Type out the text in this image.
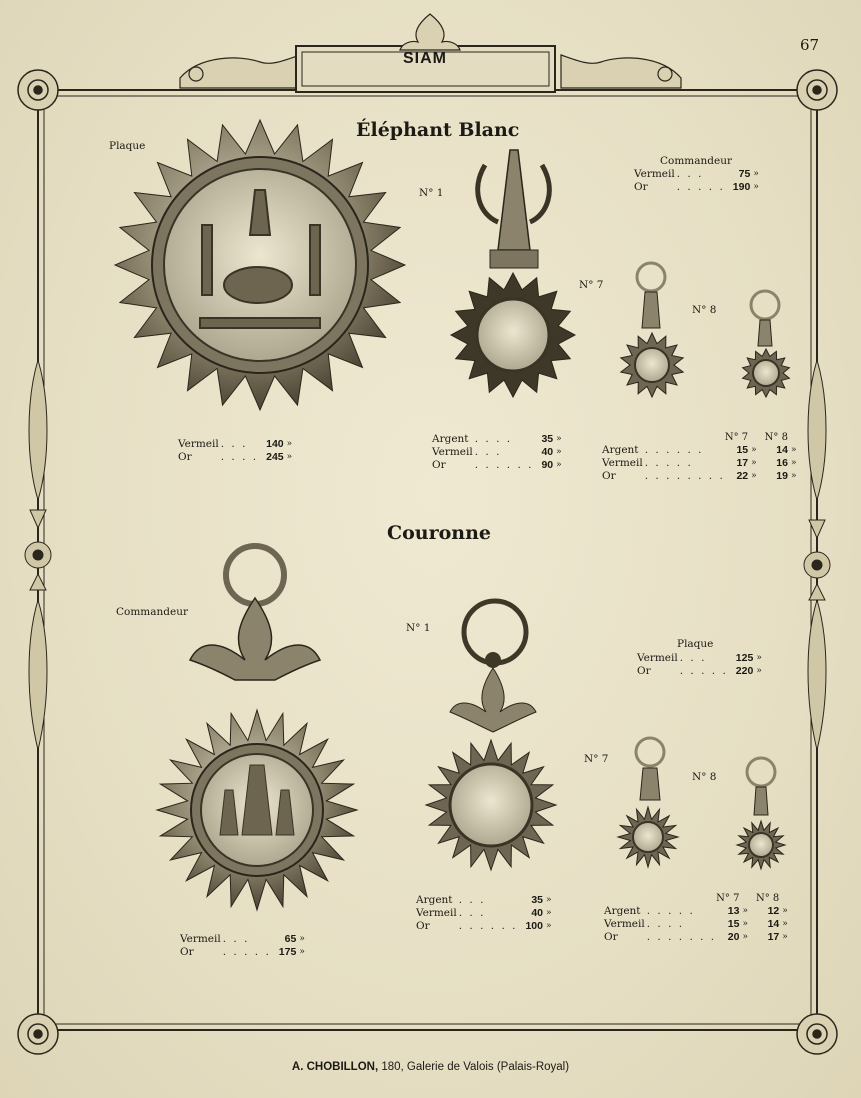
67
SIAM
Éléphant Blanc
Plaque
N° 1
N° 7
N° 8
Commandeur
Vermeil	. . .		75	»
Or	. . . . .		190	»
Vermeil	. . .		140	»
Or	. . . .		245	»
Argent	. . . .		35	»
Vermeil	. . .		40	»
Or	. . . . . .		90	»
		N° 7			N° 8	
Argent	. . . . . .	15	»		14	»
Vermeil	. . . . .	17	»		16	»
Or	. . . . . . . .	22	»		19	»
Couronne
Commandeur
N° 1
N° 7
N° 8
Plaque
Vermeil	. . .		125	»
Or	. . . . .		220	»
Vermeil	. . .		65	»
Or	. . . . .		175	»
Argent	. . .		35	»
Vermeil	. . .		40	»
Or	. . . . . .		100	»
		N° 7			N° 8	
Argent	. . . . .	13	»		12	»
Vermeil	. . . .	15	»		14	»
Or	. . . . . . .	20	»		17	»
A. CHOBILLON, 180, Galerie de Valois (Palais-Royal)
